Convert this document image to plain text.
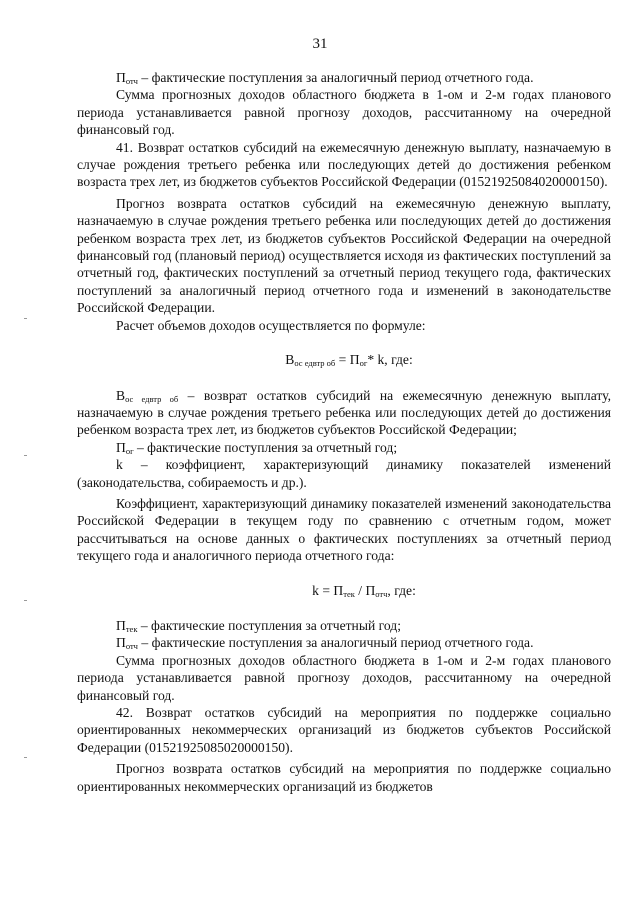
31

$П_{отч}$ – фактические поступления за аналогичный период отчетного года.

Сумма прогнозных доходов областного бюджета в 1-ом и 2-м годах планового периода устанавливается равной прогнозу доходов, рассчитанному на очередной финансовый год.

41. Возврат остатков субсидий на ежемесячную денежную выплату, назначаемую в случае рождения третьего ребенка или последующих детей до достижения ребенком возраста трех лет, из бюджетов субъектов Российской Федерации (01521925084020000150).

Прогноз возврата остатков субсидий на ежемесячную денежную выплату, назначаемую в случае рождения третьего ребенка или последующих детей до достижения ребенком возраста трех лет, из бюджетов субъектов Российской Федерации на очередной финансовый год (плановый период) осуществляется исходя из фактических поступлений за отчетный год, фактических поступлений за отчетный период текущего года, фактических поступлений за аналогичный период отчетного года и изменений в законодательстве Российской Федерации.

Расчет объемов доходов осуществляется по формуле:

$В_{ос едвтр об} = П_{ог}*$ k, где:

$В_{ос едвтр об}$ – возврат остатков субсидий на ежемесячную денежную выплату, назначаемую в случае рождения третьего ребенка или последующих детей до достижения ребенком возраста трех лет, из бюджетов субъектов Российской Федерации;

$П_{ог}$ – фактические поступления за отчетный год;

k – коэффициент, характеризующий динамику показателей изменений (законодательства, собираемость и др.).

Коэффициент, характеризующий динамику показателей изменений законодательства Российской Федерации в текущем году по сравнению с отчетным годом, может рассчитываться на основе данных о фактических поступлениях за отчетный период текущего года и аналогичного периода отчетного года:

$k = П_{тек} / П_{отч}$, где:

$П_{тек}$ – фактические поступления за отчетный год;

$П_{отч}$ – фактические поступления за аналогичный период отчетного года.

Сумма прогнозных доходов областного бюджета в 1-ом и 2-м годах планового периода устанавливается равной прогнозу доходов, рассчитанному на очередной финансовый год.

42. Возврат остатков субсидий на мероприятия по поддержке социально ориентированных некоммерческих организаций из бюджетов субъектов Российской Федерации (01521925085020000150).

Прогноз возврата остатков субсидий на мероприятия по поддержке социально ориентированных некоммерческих организаций из бюджетов
